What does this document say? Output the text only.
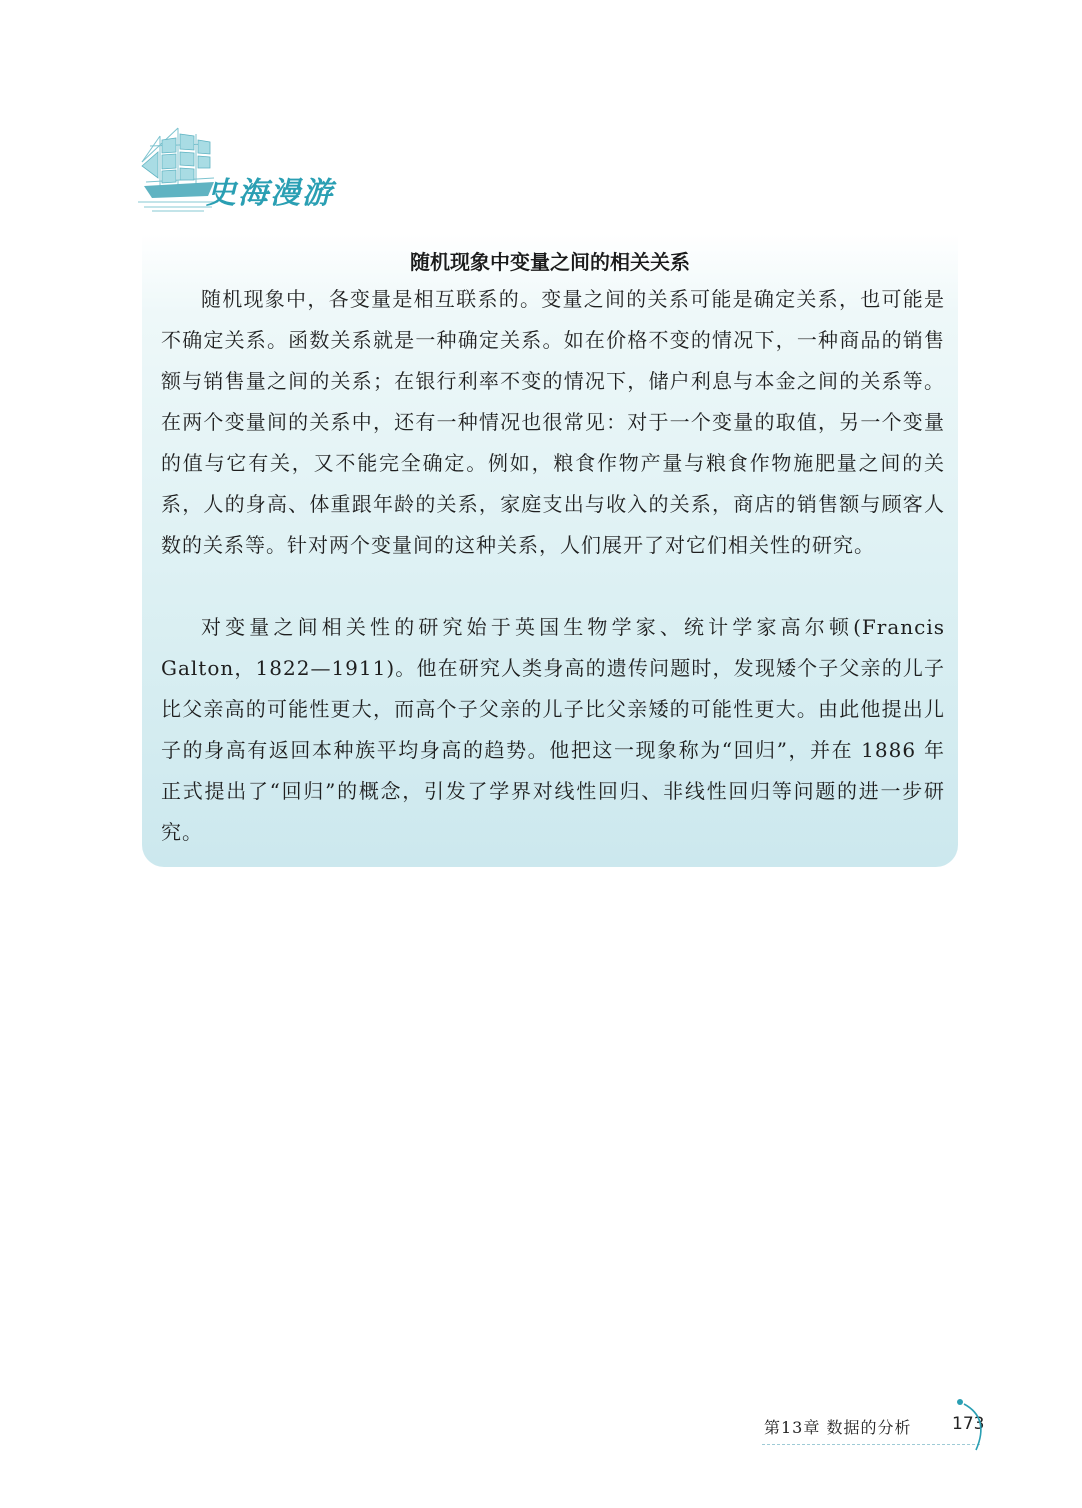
史海漫游
随机现象中变量之间的相关关系

随机现象中，各变量是相互联系的。变量之间的关系可能是确定关系，也可能是不确定关系。函数关系就是一种确定关系。如在价格不变的情况下，一种商品的销售额与销售量之间的关系；在银行利率不变的情况下，储户利息与本金之间的关系等。在两个变量间的关系中，还有一种情况也很常见：对于一个变量的取值，另一个变量的值与它有关，又不能完全确定。例如，粮食作物产量与粮食作物施肥量之间的关系，人的身高、体重跟年龄的关系，家庭支出与收入的关系，商店的销售额与顾客人数的关系等。针对两个变量间的这种关系，人们展开了对它们相关性的研究。

对变量之间相关性的研究始于英国生物学家、统计学家高尔顿(Francis Galton，1822—1911)。他在研究人类身高的遗传问题时，发现矮个子父亲的儿子比父亲高的可能性更大，而高个子父亲的儿子比父亲矮的可能性更大。由此他提出儿子的身高有返回本种族平均身高的趋势。他把这一现象称为“回归”，并在 1886 年正式提出了“回归”的概念，引发了学界对线性回归、非线性回归等问题的进一步研究。

第13章 数据的分析 173
